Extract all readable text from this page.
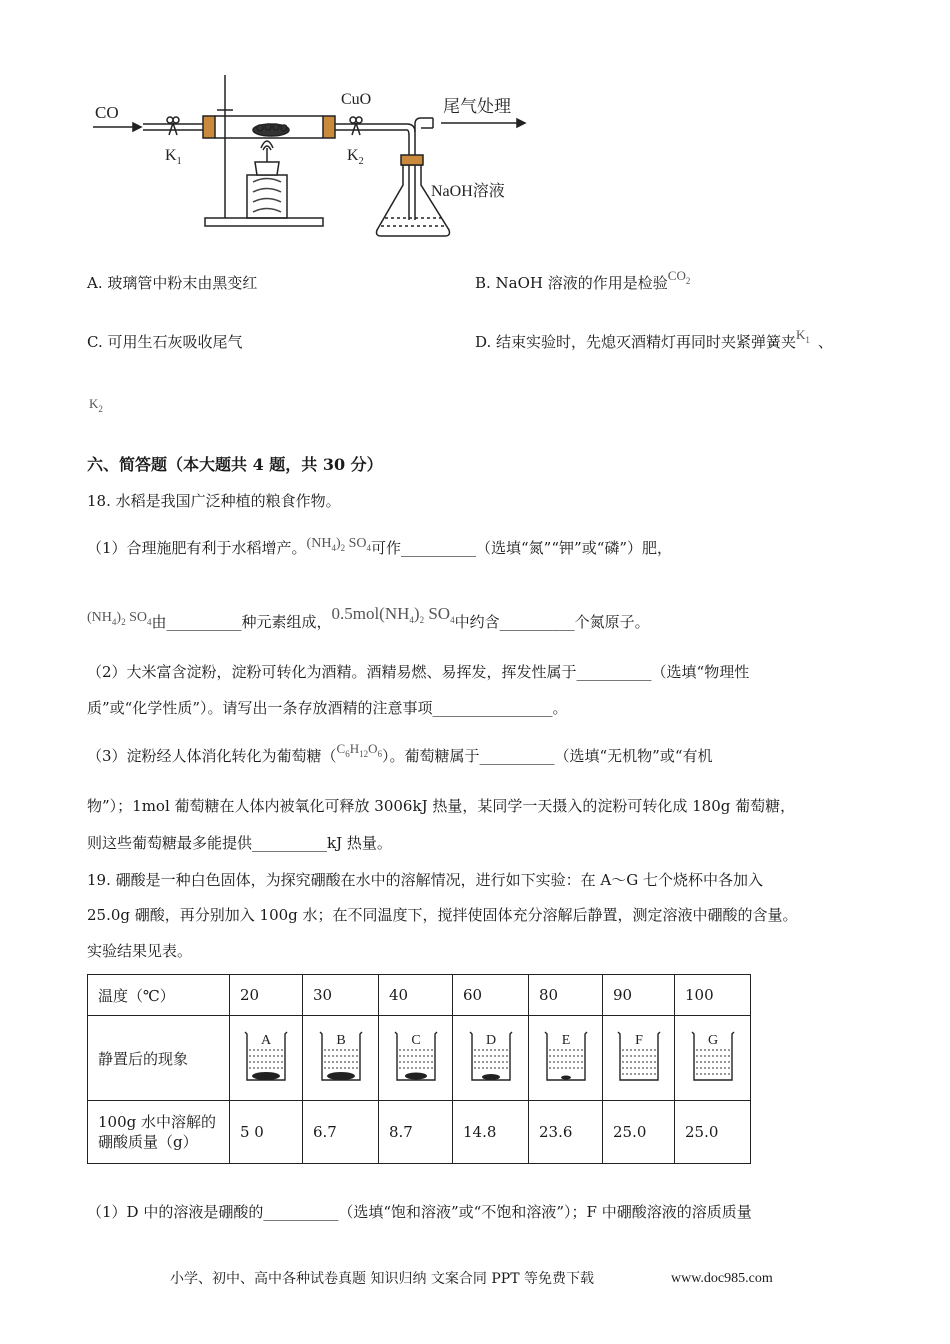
CO
$K_1$
CuO
$K_2$
尾气处理
NaOH溶液
A. 玻璃管中粉末由黑变红	B. NaOH 溶液的作用是检验$CO^2$
C. 可用生石灰吸收尾气	D. 结束实验时，先熄灭酒精灯再同时夹紧弹簧夹$K^1$ 、
$K_2$
六、简答题（本大题共 4 题，共 30 分）
18. 水稻是我国广泛种植的粮食作物。
（1）合理施肥有利于水稻增产。$(NH_4)_2$ $SO_4$可作__________（选填“氮”“钾”或“磷”）肥，
$(NH_4)_2$ $SO_4$由__________种元素组成，$0.5mol(NH_4)_2$ $SO_4$中约含__________个氮原子。
（2）大米富含淀粉，淀粉可转化为酒精。酒精易燃、易挥发，挥发性属于__________（选填“物理性
质”或“化学性质”）。请写出一条存放酒精的注意事项________________。
（3）淀粉经人体消化转化为葡萄糖$(C_6H_{12}O_6)$。葡萄糖属于__________（选填“无机物”或“有机
物”）；1mol 葡萄糖在人体内被氧化可释放 3006kJ 热量，某同学一天摄入的淀粉可转化成 180g 葡萄糖，
则这些葡萄糖最多能提供__________kJ 热量。
19. 硼酸是一种白色固体，为探究硼酸在水中的溶解情况，进行如下实验：在 A～G 七个烧杯中各加入
25.0g 硼酸，再分别加入 100g 水；在不同温度下，搅拌使固体充分溶解后静置，测定溶液中硼酸的含量。
实验结果见表。
温度（℃）	20	30	40	60	80	90	100
静置后的现象	A	B	C	D	E	F	G

100g 水中溶解的
硼酸质量（g）	5 0	6.7	8.7	14.8	23.6	25.0	25.0
（1）D 中的溶液是硼酸的__________（选填“饱和溶液”或“不饱和溶液”）；F 中硼酸溶液的溶质质量
小学、初中、高中各种试卷真题 知识归纳 文案合同 PPT 等免费下载	www.doc985.com
